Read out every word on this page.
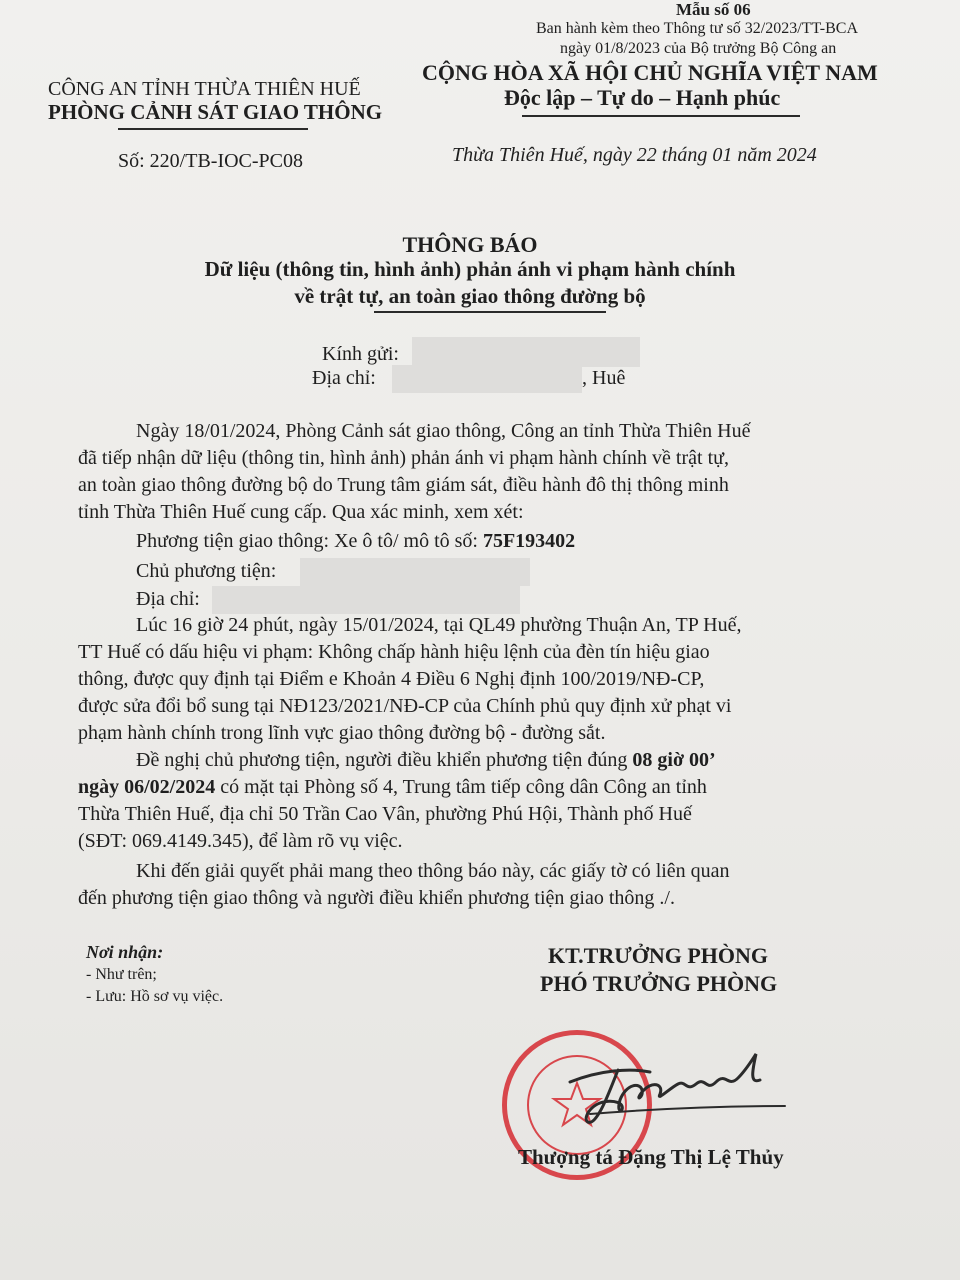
Mẫu số 06
Ban hành kèm theo Thông tư số 32/2023/TT-BCA
ngày 01/8/2023 của Bộ trưởng Bộ Công an
CÔNG AN TỈNH THỪA THIÊN HUẾ
PHÒNG CẢNH SÁT GIAO THÔNG
CỘNG HÒA XÃ HỘI CHỦ NGHĨA VIỆT NAM
Độc lập – Tự do – Hạnh phúc
Số: 220/TB-IOC-PC08	Thừa Thiên Huế, ngày 22 tháng 01 năm 2024
THÔNG BÁO
Dữ liệu (thông tin, hình ảnh) phản ánh vi phạm hành chính
về trật tự, an toàn giao thông đường bộ
Kính gửi:
Địa chỉ:	, Huê
Ngày 18/01/2024, Phòng Cảnh sát giao thông, Công an tỉnh Thừa Thiên Huế
đã tiếp nhận dữ liệu (thông tin, hình ảnh) phản ánh vi phạm hành chính về trật tự,
an toàn giao thông đường bộ do Trung tâm giám sát, điều hành đô thị thông minh
tỉnh Thừa Thiên Huế cung cấp. Qua xác minh, xem xét:
Phương tiện giao thông: Xe ô tô/ mô tô số: 75F193402
Chủ phương tiện:
Địa chỉ:
Lúc 16 giờ 24 phút, ngày 15/01/2024, tại QL49 phường Thuận An, TP Huế,
TT Huế có dấu hiệu vi phạm: Không chấp hành hiệu lệnh của đèn tín hiệu giao
thông, được quy định tại Điểm e Khoản 4 Điều 6 Nghị định 100/2019/NĐ-CP,
được sửa đổi bổ sung tại NĐ123/2021/NĐ-CP của Chính phủ quy định xử phạt vi
phạm hành chính trong lĩnh vực giao thông đường bộ - đường sắt.
Đề nghị chủ phương tiện, người điều khiển phương tiện đúng 08 giờ 00’
ngày 06/02/2024 có mặt tại Phòng số 4, Trung tâm tiếp công dân Công an tỉnh
Thừa Thiên Huế, địa chỉ 50 Trần Cao Vân, phường Phú Hội, Thành phố Huế
(SĐT: 069.4149.345), để làm rõ vụ việc.
Khi đến giải quyết phải mang theo thông báo này, các giấy tờ có liên quan
đến phương tiện giao thông và người điều khiển phương tiện giao thông ./.
Nơi nhận:
- Như trên;
- Lưu: Hồ sơ vụ việc.
KT.TRƯỞNG PHÒNG
PHÓ TRƯỞNG PHÒNG
Thượng tá Đặng Thị Lệ Thủy
